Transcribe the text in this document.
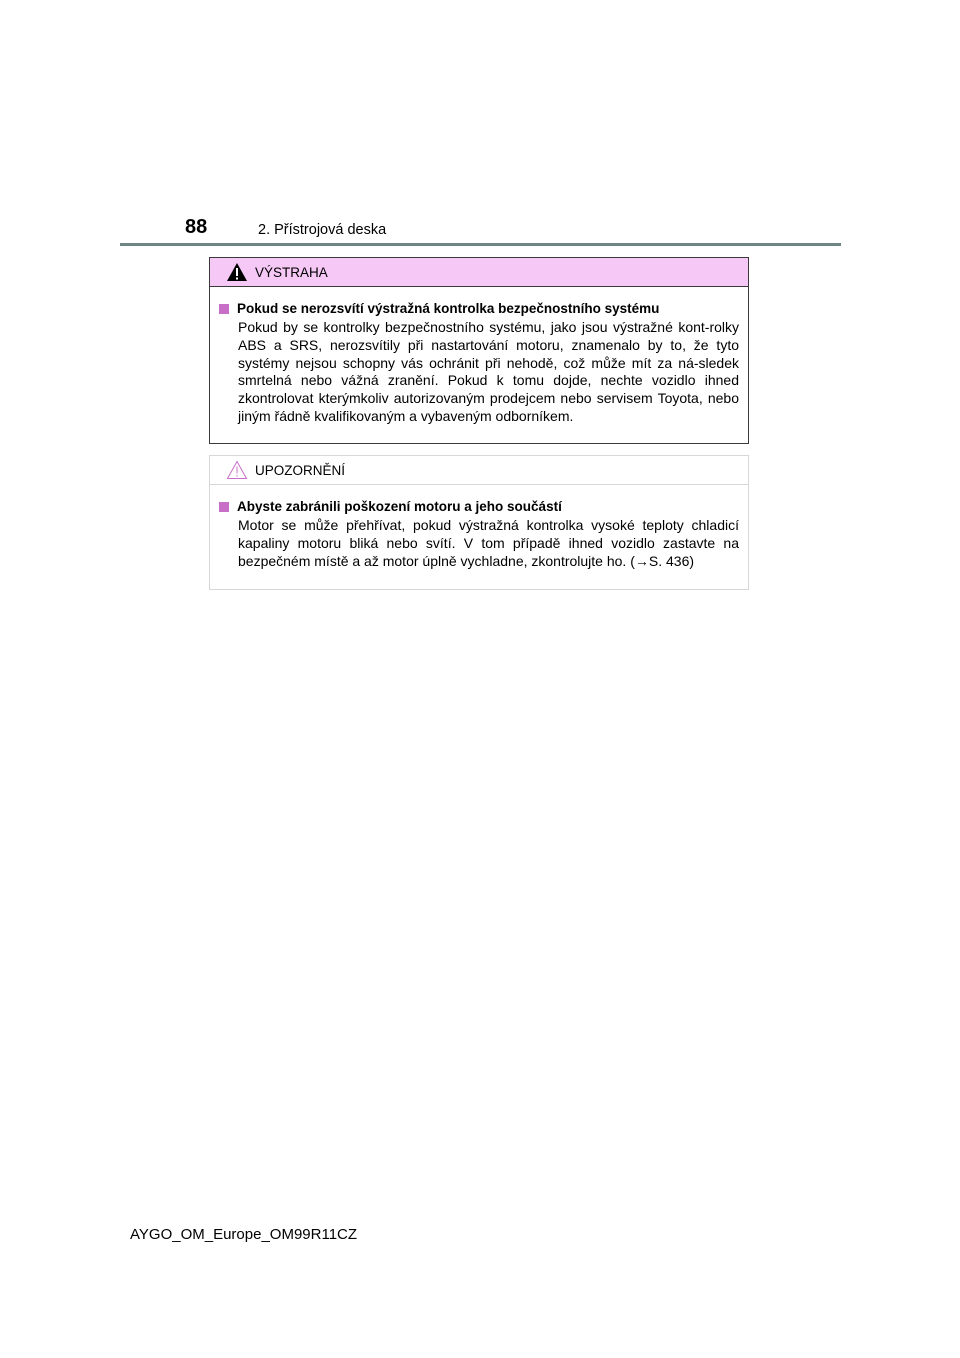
88	2. Přístrojová deska
VÝSTRAHA
Pokud se nerozsvítí výstražná kontrolka bezpečnostního systému
Pokud by se kontrolky bezpečnostního systému, jako jsou výstražné kont-rolky ABS a SRS, nerozsvítily při nastartování motoru, znamenalo by to, že tyto systémy nejsou schopny vás ochránit při nehodě, což může mít za ná-sledek smrtelná nebo vážná zranění. Pokud k tomu dojde, nechte vozidlo ihned zkontrolovat kterýmkoliv autorizovaným prodejcem nebo servisem Toyota, nebo jiným řádně kvalifikovaným a vybaveným odborníkem.
UPOZORNĚNÍ
Abyste zabránili poškození motoru a jeho součástí
Motor se může přehřívat, pokud výstražná kontrolka vysoké teploty chladicí kapaliny motoru bliká nebo svítí. V tom případě ihned vozidlo zastavte na bezpečném místě a až motor úplně vychladne, zkontrolujte ho. (→S. 436)
AYGO_OM_Europe_OM99R11CZ
